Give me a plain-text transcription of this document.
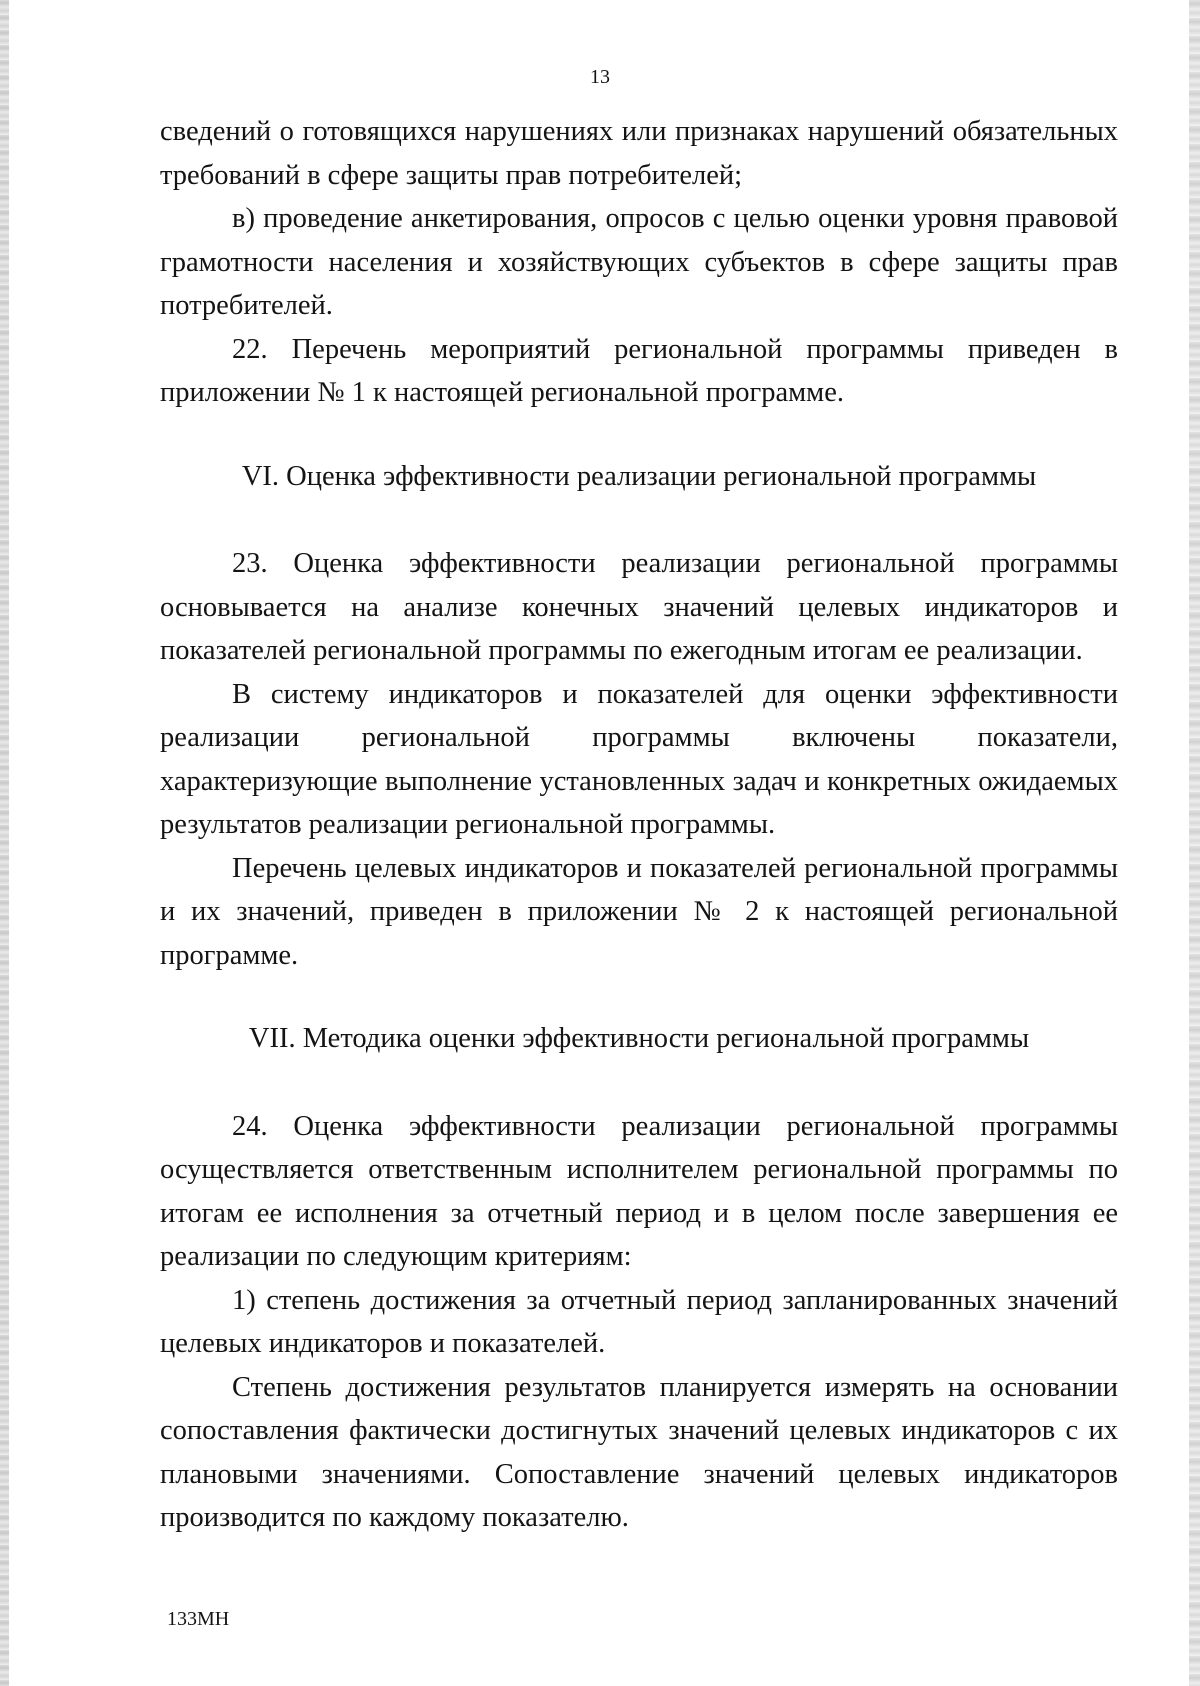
13

сведений о готовящихся нарушениях или признаках нарушений обязательных требований в сфере защиты прав потребителей;

в) проведение анкетирования, опросов с целью оценки уровня правовой грамотности населения и хозяйствующих субъектов в сфере защиты прав потребителей.

22. Перечень мероприятий региональной программы приведен в приложении № 1 к настоящей региональной программе.

VI. Оценка эффективности реализации региональной программы

23. Оценка эффективности реализации региональной программы основывается на анализе конечных значений целевых индикаторов и показателей региональной программы по ежегодным итогам ее реализации.

В систему индикаторов и показателей для оценки эффективности реализации региональной программы включены показатели, характеризующие выполнение установленных задач и конкретных ожидаемых результатов реализации региональной программы.

Перечень целевых индикаторов и показателей региональной программы и их значений, приведен в приложении № 2 к настоящей региональной программе.

VII. Методика оценки эффективности региональной программы

24. Оценка эффективности реализации региональной программы осуществляется ответственным исполнителем региональной программы по итогам ее исполнения за отчетный период и в целом после завершения ее реализации по следующим критериям:

1) степень достижения за отчетный период запланированных значений целевых индикаторов и показателей.

Степень достижения результатов планируется измерять на основании сопоставления фактически достигнутых значений целевых индикаторов с их плановыми значениями. Сопоставление значений целевых индикаторов производится по каждому показателю.

133МН
